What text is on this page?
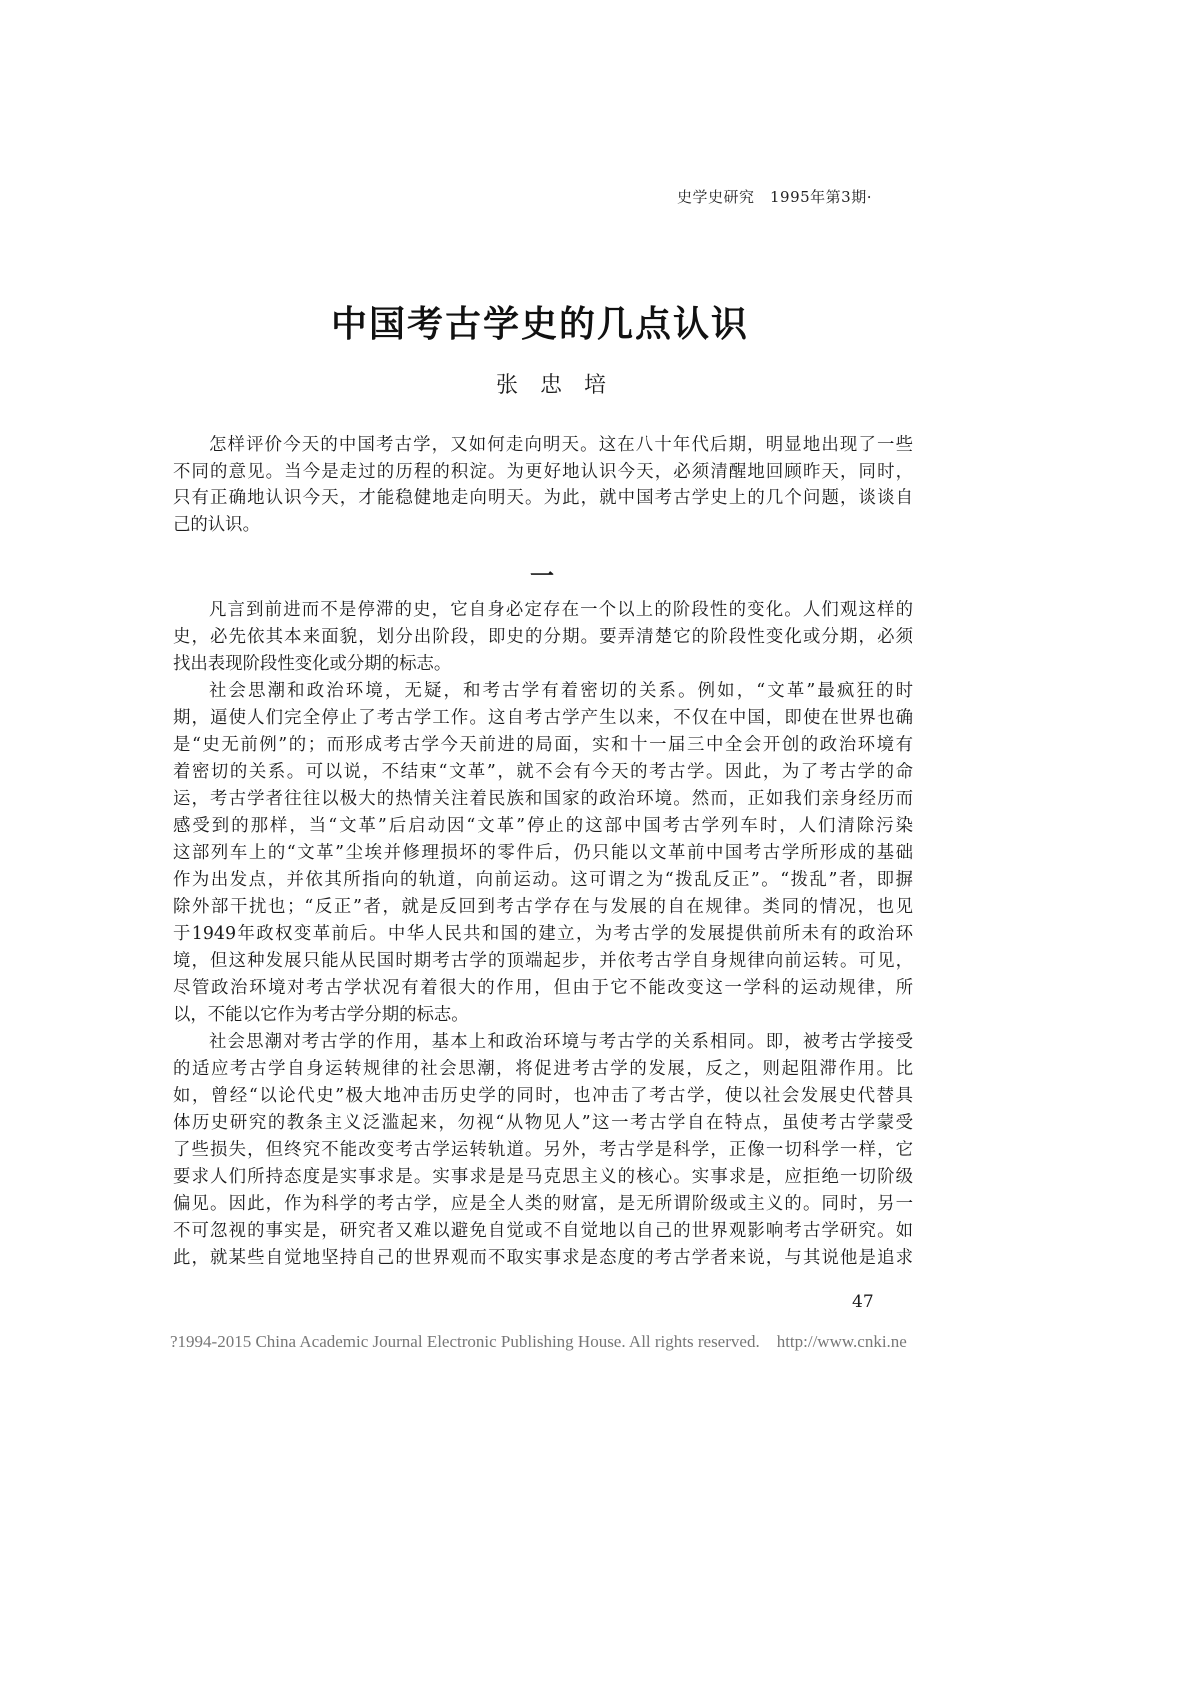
史学史研究　1995年第3期·
中国考古学史的几点认识
张忠培
怎样评价今天的中国考古学，又如何走向明天。这在八十年代后期，明显地出现了一些
不同的意见。当今是走过的历程的积淀。为更好地认识今天，必须清醒地回顾昨天，同时，
只有正确地认识今天，才能稳健地走向明天。为此，就中国考古学史上的几个问题，谈谈自
己的认识。
一
凡言到前进而不是停滞的史，它自身必定存在一个以上的阶段性的变化。人们观这样的
史，必先依其本来面貌，划分出阶段，即史的分期。要弄清楚它的阶段性变化或分期，必须
找出表现阶段性变化或分期的标志。
社会思潮和政治环境，无疑，和考古学有着密切的关系。例如，“文革”最疯狂的时
期，逼使人们完全停止了考古学工作。这自考古学产生以来，不仅在中国，即使在世界也确
是“史无前例”的；而形成考古学今天前进的局面，实和十一届三中全会开创的政治环境有
着密切的关系。可以说，不结束“文革”，就不会有今天的考古学。因此，为了考古学的命
运，考古学者往往以极大的热情关注着民族和国家的政治环境。然而，正如我们亲身经历而
感受到的那样，当“文革”后启动因“文革”停止的这部中国考古学列车时，人们清除污染
这部列车上的“文革”尘埃并修理损坏的零件后，仍只能以文革前中国考古学所形成的基础
作为出发点，并依其所指向的轨道，向前运动。这可谓之为“拨乱反正”。“拨乱”者，即摒
除外部干扰也；“反正”者，就是反回到考古学存在与发展的自在规律。类同的情况，也见
于1949年政权变革前后。中华人民共和国的建立，为考古学的发展提供前所未有的政治环
境，但这种发展只能从民国时期考古学的顶端起步，并依考古学自身规律向前运转。可见，
尽管政治环境对考古学状况有着很大的作用，但由于它不能改变这一学科的运动规律，所
以，不能以它作为考古学分期的标志。
社会思潮对考古学的作用，基本上和政治环境与考古学的关系相同。即，被考古学接受
的适应考古学自身运转规律的社会思潮，将促进考古学的发展，反之，则起阻滞作用。比
如，曾经“以论代史”极大地冲击历史学的同时，也冲击了考古学，使以社会发展史代替具
体历史研究的教条主义泛滥起来，勿视“从物见人”这一考古学自在特点，虽使考古学蒙受
了些损失，但终究不能改变考古学运转轨道。另外，考古学是科学，正像一切科学一样，它
要求人们所持态度是实事求是。实事求是是马克思主义的核心。实事求是，应拒绝一切阶级
偏见。因此，作为科学的考古学，应是全人类的财富，是无所谓阶级或主义的。同时，另一
不可忽视的事实是，研究者又难以避免自觉或不自觉地以自己的世界观影响考古学研究。如
此，就某些自觉地坚持自己的世界观而不取实事求是态度的考古学者来说，与其说他是追求
47
?1994-2015 China Academic Journal Electronic Publishing House. All rights reserved.    http://www.cnki.ne
